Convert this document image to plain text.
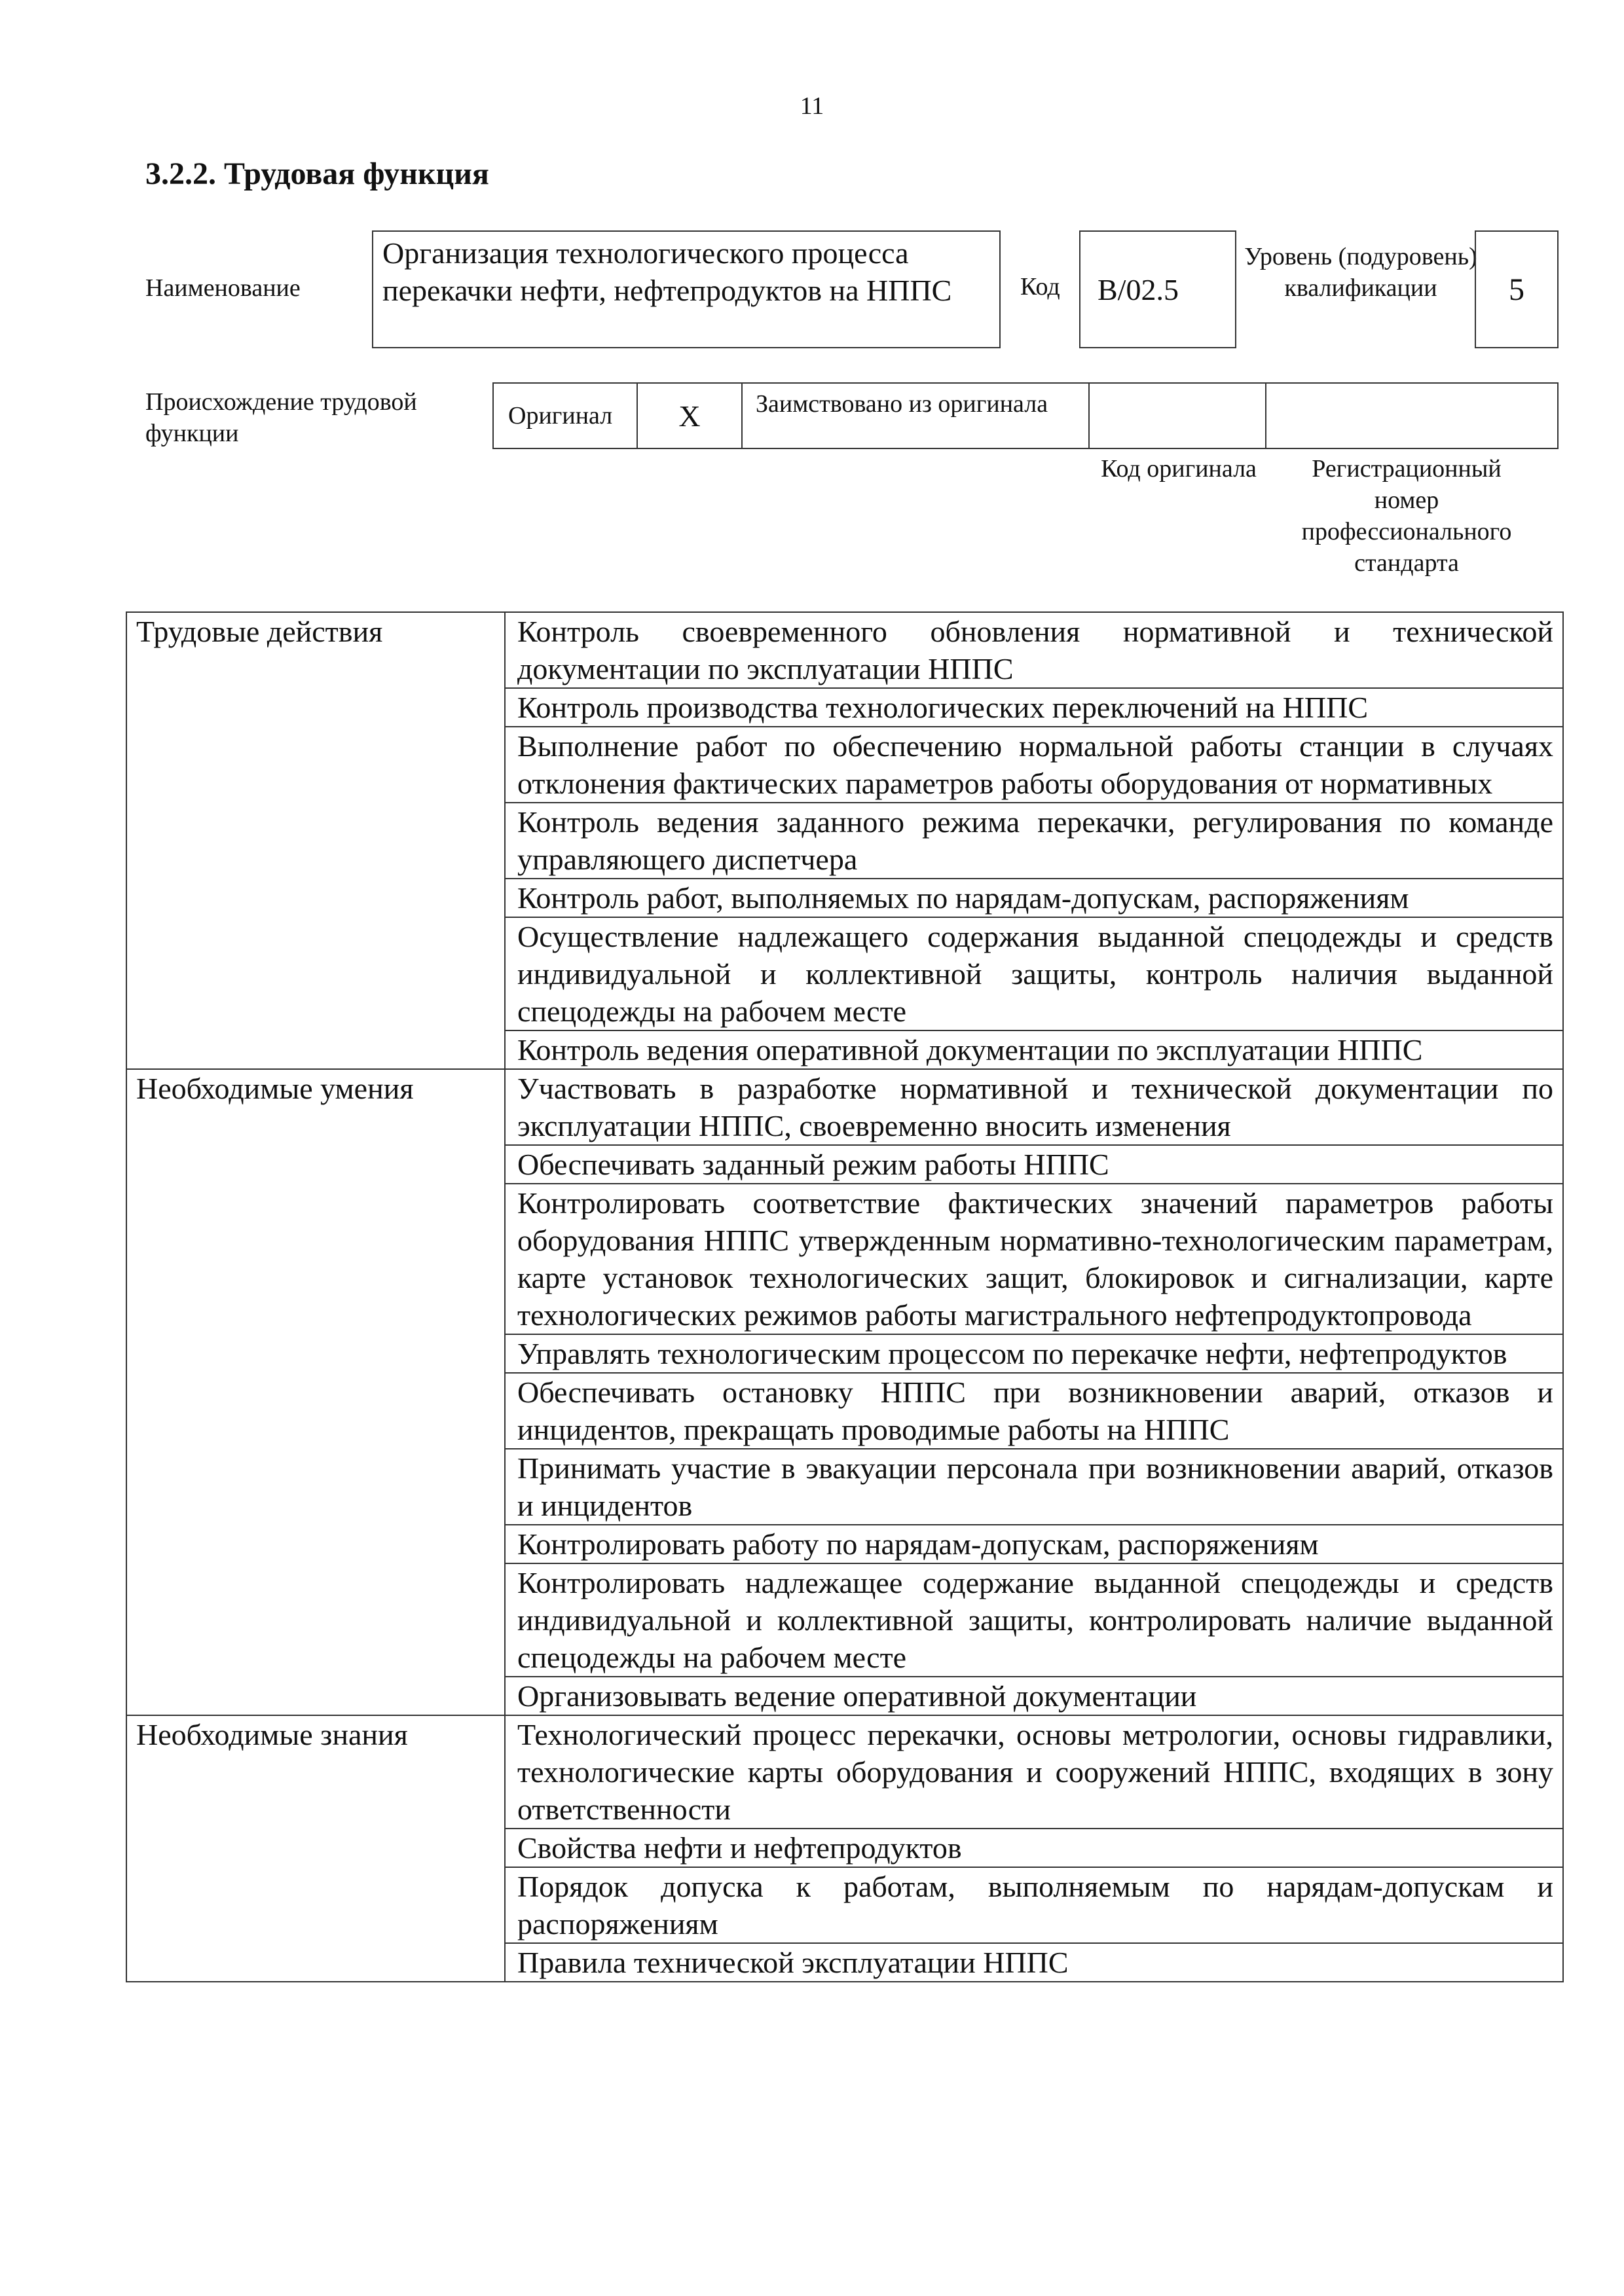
11
3.2.2. Трудовая функция
Наименование
Организация технологического процесса перекачки нефти, нефтепродуктов на НППС	Код B/02.5
Уровень (подуровень) квалификации	5
Происхождение трудовой функции
Оригинал X	Заимствовано из оригинала
Код оригинала	Регистрационный номер профессионального стандарта
Трудовые действия	Контроль своевременного обновления нормативной и технической документации по эксплуатации НППС
	Контроль производства технологических переключений на НППС
	Выполнение работ по обеспечению нормальной работы станции в случаях отклонения фактических параметров работы оборудования от нормативных
	Контроль ведения заданного режима перекачки, регулирования по команде управляющего диспетчера
	Контроль работ, выполняемых по нарядам-допускам, распоряжениям
	Осуществление надлежащего содержания выданной спецодежды и средств индивидуальной и коллективной защиты, контроль наличия выданной спецодежды на рабочем месте
	Контроль ведения оперативной документации по эксплуатации НППС
Необходимые умения	Участвовать в разработке нормативной и технической документации по эксплуатации НППС, своевременно вносить изменения
	Обеспечивать заданный режим работы НППС
	Контролировать соответствие фактических значений параметров работы оборудования НППС утвержденным нормативно-технологическим параметрам, карте установок технологических защит, блокировок и сигнализации, карте технологических режимов работы магистрального нефтепродуктопровода
	Управлять технологическим процессом по перекачке нефти, нефтепродуктов
	Обеспечивать остановку НППС при возникновении аварий, отказов и инцидентов, прекращать проводимые работы на НППС
	Принимать участие в эвакуации персонала при возникновении аварий, отказов и инцидентов
	Контролировать работу по нарядам-допускам, распоряжениям
	Контролировать надлежащее содержание выданной спецодежды и средств индивидуальной и коллективной защиты, контролировать наличие выданной спецодежды на рабочем месте
	Организовывать ведение оперативной документации
Необходимые знания	Технологический процесс перекачки, основы метрологии, основы гидравлики, технологические карты оборудования и сооружений НППС, входящих в зону ответственности
	Свойства нефти и нефтепродуктов
	Порядок допуска к работам, выполняемым по нарядам-допускам и распоряжениям
	Правила технической эксплуатации НППС
